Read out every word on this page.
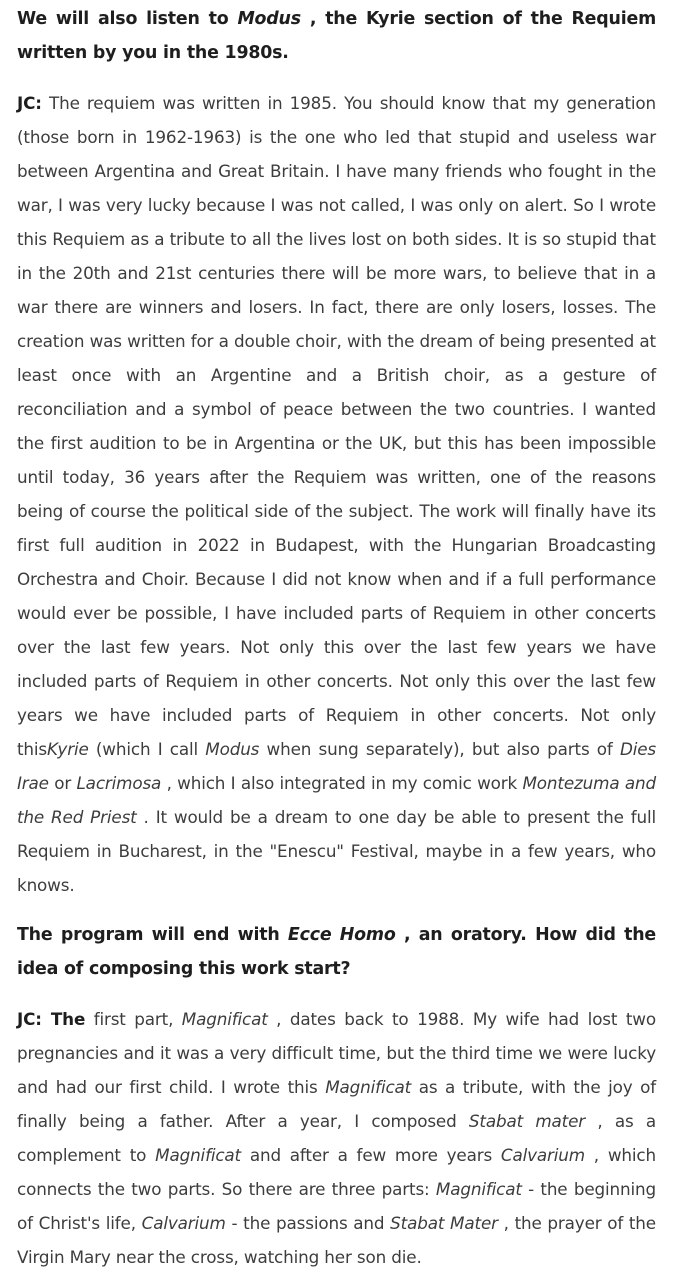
We will also listen to Modus , the Kyrie section of the Requiem written by you in the 1980s.

JC: The requiem was written in 1985. You should know that my generation (those born in 1962-1963) is the one who led that stupid and useless war between Argentina and Great Britain. I have many friends who fought in the war, I was very lucky because I was not called, I was only on alert. So I wrote this Requiem as a tribute to all the lives lost on both sides. It is so stupid that in the 20th and 21st centuries there will be more wars, to believe that in a war there are winners and losers. In fact, there are only losers, losses. The creation was written for a double choir, with the dream of being presented at least once with an Argentine and a British choir, as a gesture of reconciliation and a symbol of peace between the two countries. I wanted the first audition to be in Argentina or the UK, but this has been impossible until today, 36 years after the Requiem was written, one of the reasons being of course the political side of the subject. The work will finally have its first full audition in 2022 in Budapest, with the Hungarian Broadcasting Orchestra and Choir. Because I did not know when and if a full performance would ever be possible, I have included parts of Requiem in other concerts over the last few years. Not only this over the last few years we have included parts of Requiem in other concerts. Not only this over the last few years we have included parts of Requiem in other concerts. Not only thisKyrie (which I call Modus when sung separately), but also parts of Dies Irae or Lacrimosa , which I also integrated in my comic work Montezuma and the Red Priest . It would be a dream to one day be able to present the full Requiem in Bucharest, in the "Enescu" Festival, maybe in a few years, who knows.

The program will end with Ecce Homo , an oratory. How did the idea of composing this work start?

JC: The first part, Magnificat , dates back to 1988. My wife had lost two pregnancies and it was a very difficult time, but the third time we were lucky and had our first child. I wrote this Magnificat as a tribute, with the joy of finally being a father. After a year, I composed Stabat mater , as a complement to Magnificat and after a few more years Calvarium , which connects the two parts. So there are three parts: Magnificat - the beginning of Christ's life, Calvarium - the passions and Stabat Mater , the prayer of the Virgin Mary near the cross, watching her son die.
